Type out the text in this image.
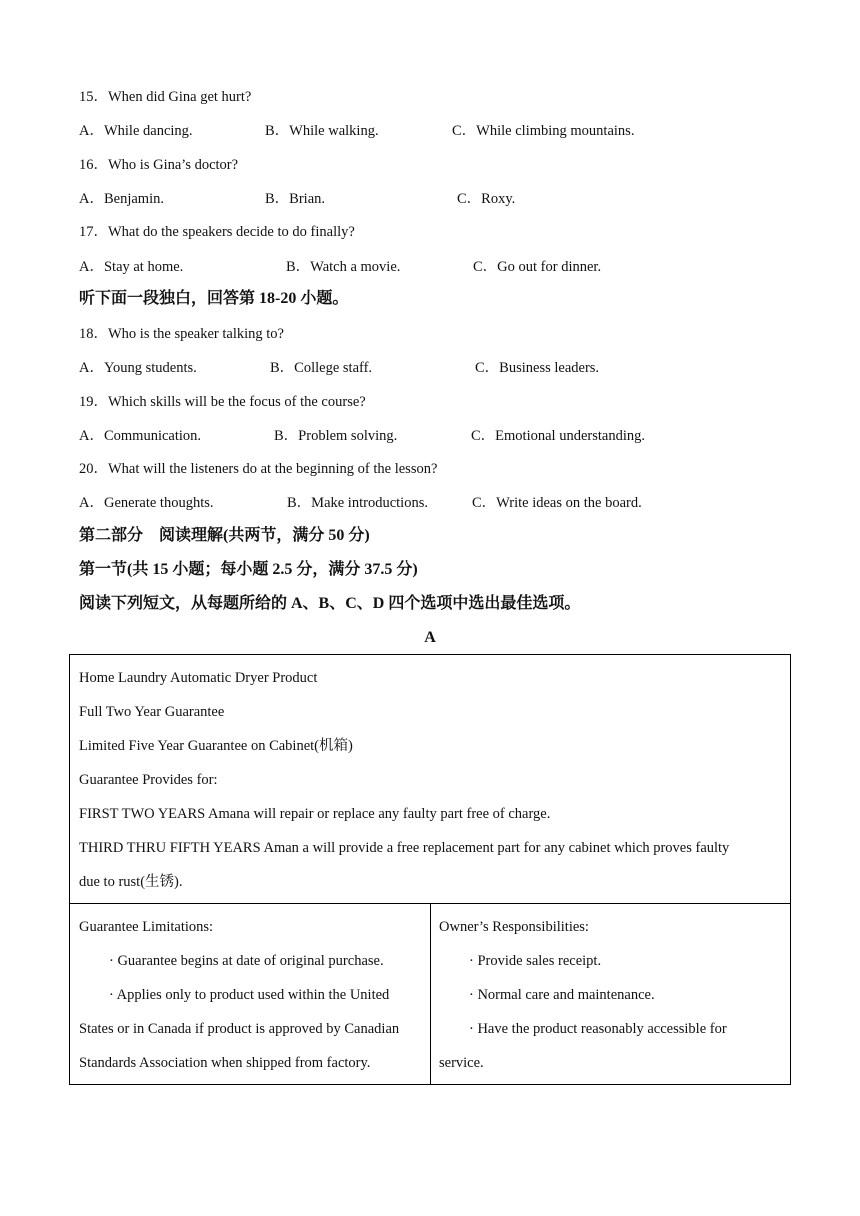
15．When did Gina get hurt?
A．While dancing.	B．While walking.	C．While climbing mountains.
16．Who is Gina’s doctor?
A．Benjamin.	B．Brian.	C．Roxy.
17．What do the speakers decide to do finally?
A．Stay at home.	B．Watch a movie.	C．Go out for dinner.
听下面一段独白，回答第 18-20 小题。
18．Who is the speaker talking to?
A．Young students.	B．College staff.	C．Business leaders.
19．Which skills will be the focus of the course?
A．Communication.	B．Problem solving.	C．Emotional understanding.
20．What will the listeners do at the beginning of the lesson?
A．Generate thoughts.	B．Make introductions.	C．Write ideas on the board.
第二部分　阅读理解(共两节，满分 50 分)
第一节(共 15 小题；每小题 2.5 分，满分 37.5 分)
阅读下列短文，从每题所给的 A、B、C、D 四个选项中选出最佳选项。
A
Home Laundry Automatic Dryer Product
Full Two Year Guarantee
Limited Five Year Guarantee on Cabinet(机箱)
Guarantee Provides for:
FIRST TWO YEARS Amana will repair or replace any faulty part free of charge.
THIRD THRU FIFTH YEARS Aman a will provide a free replacement part for any cabinet which proves faulty
due to rust(生锈).

Guarantee Limitations:

· Guarantee begins at date of original purchase.

· Applies only to product used within the United

States or in Canada if product is approved by Canadian

Standards Association when shipped from factory.

Owner’s Responsibilities:

· Provide sales receipt.

· Normal care and maintenance.

· Have the product reasonably accessible for

service.
